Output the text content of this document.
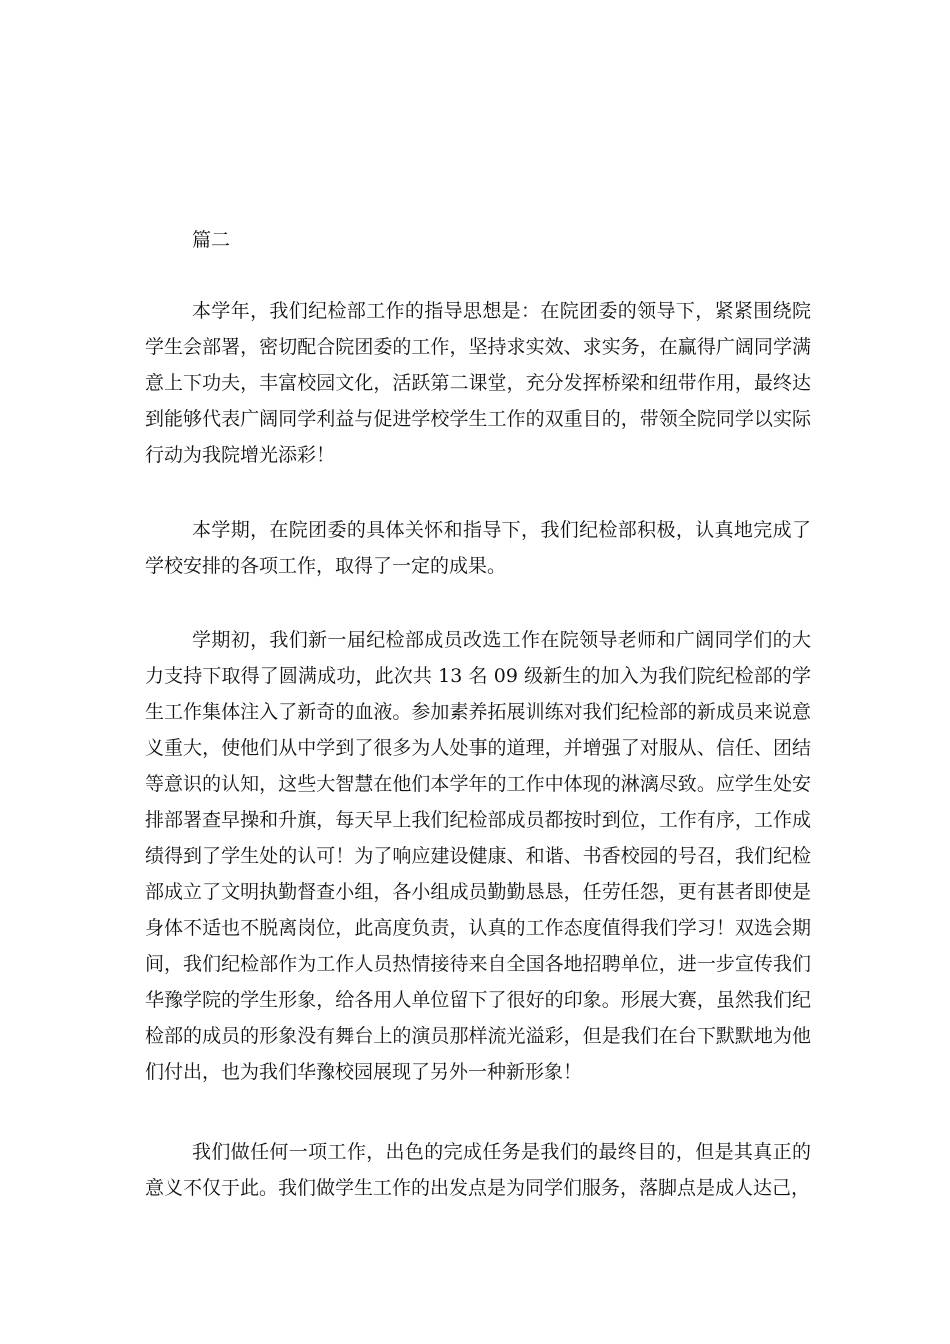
篇二

本学年，我们纪检部工作的指导思想是：在院团委的领导下，紧紧围绕院学生会部署，密切配合院团委的工作，坚持求实效、求实务，在赢得广阔同学满意上下功夫，丰富校园文化，活跃第二课堂，充分发挥桥梁和纽带作用，最终达到能够代表广阔同学利益与促进学校学生工作的双重目的，带领全院同学以实际行动为我院增光添彩！

本学期，在院团委的具体关怀和指导下，我们纪检部积极，认真地完成了学校安排的各项工作，取得了一定的成果。

学期初，我们新一届纪检部成员改选工作在院领导老师和广阔同学们的大力支持下取得了圆满成功，此次共 13 名 09 级新生的加入为我们院纪检部的学生工作集体注入了新奇的血液。参加素养拓展训练对我们纪检部的新成员来说意义重大，使他们从中学到了很多为人处事的道理，并增强了对服从、信任、团结等意识的认知，这些大智慧在他们本学年的工作中体现的淋漓尽致。应学生处安排部署查早操和升旗，每天早上我们纪检部成员都按时到位，工作有序，工作成绩得到了学生处的认可！为了响应建设健康、和谐、书香校园的号召，我们纪检部成立了文明执勤督查小组，各小组成员勤勤恳恳，任劳任怨，更有甚者即使是身体不适也不脱离岗位，此高度负责，认真的工作态度值得我们学习！双选会期间，我们纪检部作为工作人员热情接待来自全国各地招聘单位，进一步宣传我们华豫学院的学生形象，给各用人单位留下了很好的印象。形展大赛，虽然我们纪检部的成员的形象没有舞台上的演员那样流光溢彩，但是我们在台下默默地为他们付出，也为我们华豫校园展现了另外一种新形象！

我们做任何一项工作，出色的完成任务是我们的最终目的，但是其真正的意义不仅于此。我们做学生工作的出发点是为同学们服务，落脚点是成人达己，
